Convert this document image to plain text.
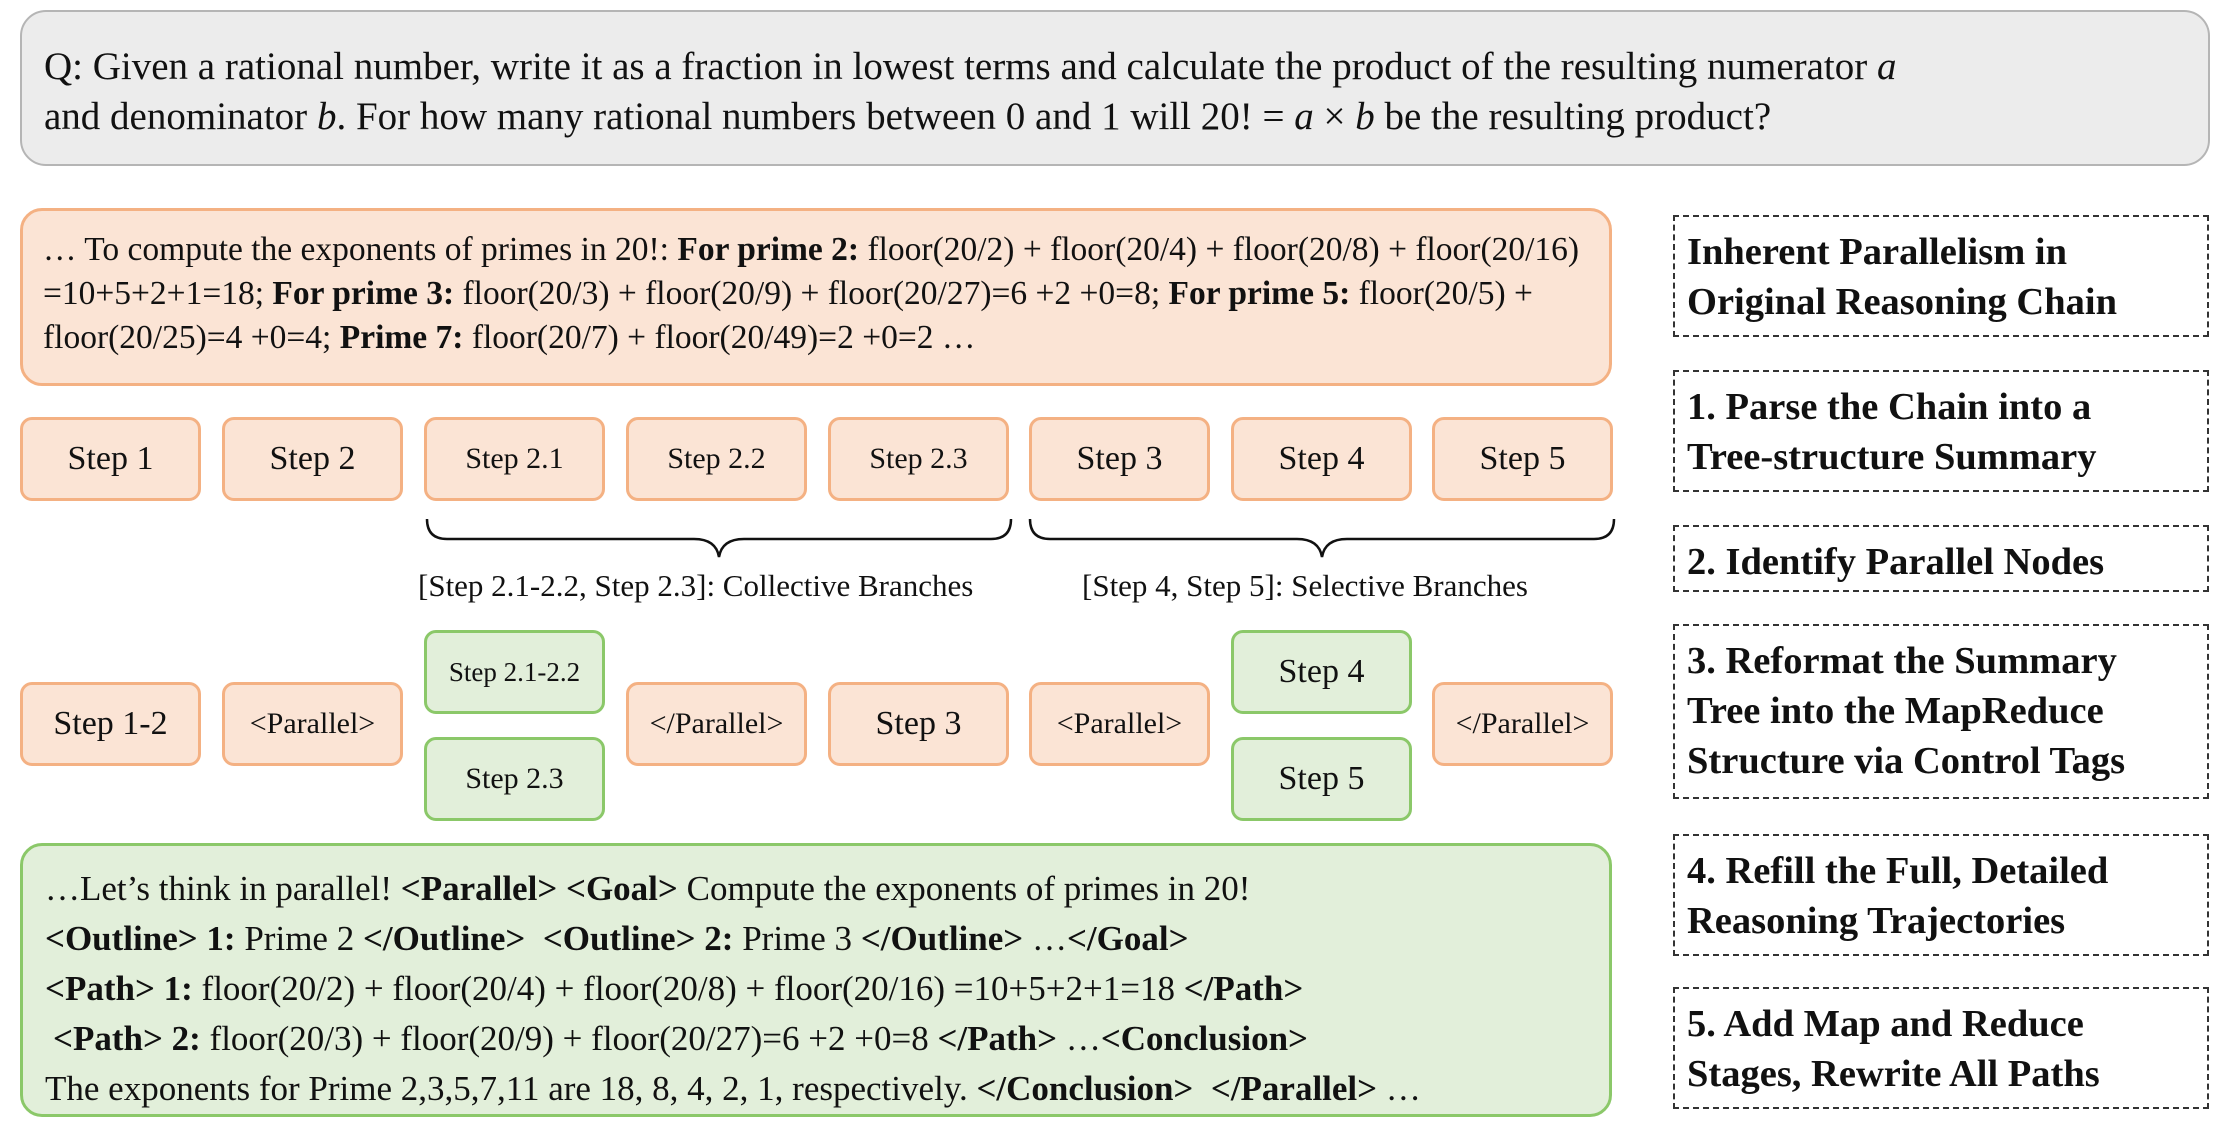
Q: Given a rational number, write it as a fraction in lowest terms and calculate the product of the resulting numerator a
and denominator b. For how many rational numbers between 0 and 1 will 20! = a × b be the resulting product?
… To compute the exponents of primes in 20!: For prime 2: floor(20/2) + floor(20/4) + floor(20/8) + floor(20/16) =10+5+2+1=18; For prime 3: floor(20/3) + floor(20/9) + floor(20/27)=6 +2 +0=8; For prime 5: floor(20/5) + floor(20/25)=4 +0=4; Prime 7: floor(20/7) + floor(20/49)=2 +0=2 …
Step 1	Step 2	Step 2.1	Step 2.2	Step 2.3	Step 3	Step 4	Step 5
[Step 2.1-2.2, Step 2.3]: Collective Branches	[Step 4, Step 5]: Selective Branches
Step 1-2	<Parallel>
Step 2.1-2.2
Step 2.3
</Parallel>	Step 3	<Parallel>
Step 4
Step 5
</Parallel>
…Let’s think in parallel! <Parallel> <Goal> Compute the exponents of primes in 20!
<Outline> 1: Prime 2 </Outline>  <Outline> 2: Prime 3 </Outline> …</Goal>
<Path> 1: floor(20/2) + floor(20/4) + floor(20/8) + floor(20/16) =10+5+2+1=18 </Path>
<Path> 2: floor(20/3) + floor(20/9) + floor(20/27)=6 +2 +0=8 </Path> …<Conclusion>
The exponents for Prime 2,3,5,7,11 are 18, 8, 4, 2, 1, respectively. </Conclusion>  </Parallel> …
Inherent Parallelism in
Original Reasoning Chain
1. Parse the Chain into a
Tree-structure Summary
2. Identify Parallel Nodes
3. Reformat the Summary
Tree into the MapReduce
Structure via Control Tags
4. Refill the Full, Detailed
Reasoning Trajectories
5. Add Map and Reduce
Stages, Rewrite All Paths
